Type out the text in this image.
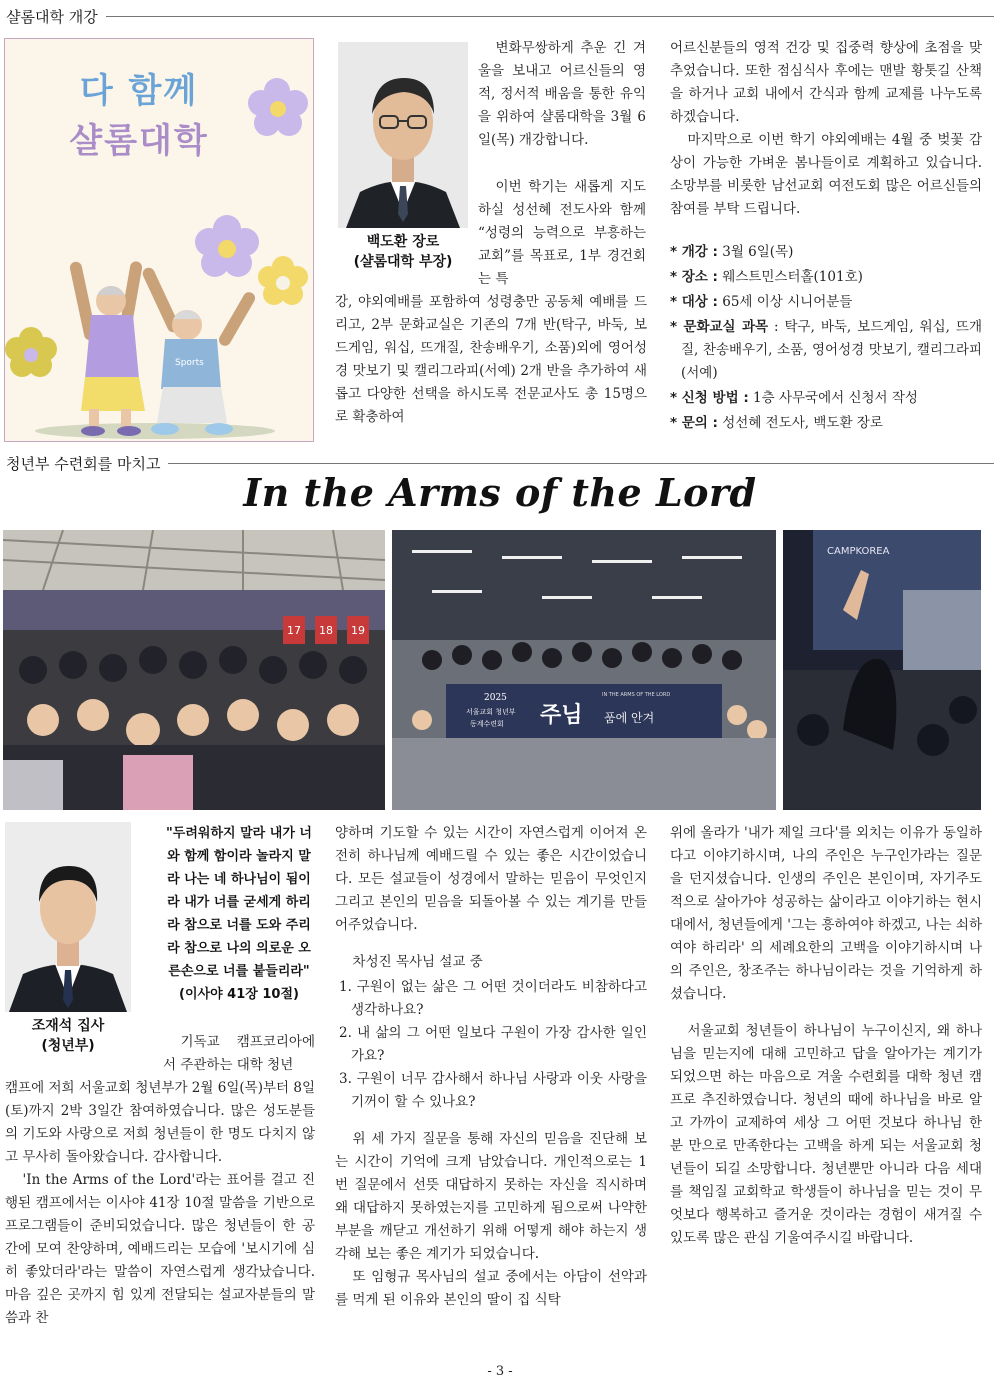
샬롬대학 개강
다 함께
샬롬대학
Sports
백도환 장로
(샬롬대학 부장)

변화무쌍하게 추운 긴 겨울을 보내고 어르신들의 영적, 정서적 배움을 통한 유익을 위하여 샬롬대학을 3월 6일(목) 개강합니다.

이번 학기는 새롭게 지도하실 성선혜 전도사와 함께 “성령의 능력으로 부흥하는 교회”를 목표로, 1부 경건회는 특

강, 야외예배를 포함하여 성령충만 공동체 예배를 드리고, 2부 문화교실은 기존의 7개 반(탁구, 바둑, 보드게임, 워십, 뜨개질, 찬송배우기, 소품)외에 영어성경 맛보기 및 캘리그라피(서예) 2개 반을 추가하여 새롭고 다양한 선택을 하시도록 전문교사도 총 15명으로 확충하여

어르신분들의 영적 건강 및 집중력 향상에 초점을 맞추었습니다. 또한 점심식사 후에는 맨발 황톳길 산책을 하거나 교회 내에서 간식과 함께 교제를 나누도록 하겠습니다.

마지막으로 이번 학기 야외예배는 4월 중 벚꽃 감상이 가능한 가벼운 봄나들이로 계획하고 있습니다. 소망부를 비롯한 남선교회 여전도회 많은 어르신들의 참여를 부탁 드립니다.

* 개강 : 3월 6일(목)
* 장소 : 웨스트민스터홀(101호)
* 대상 : 65세 이상 시니어분들
* 문화교실 과목 : 탁구, 바둑, 보드게임, 워십, 뜨개질, 찬송배우기, 소품, 영어성경 맛보기, 캘리그라피(서예)
* 신청 방법 : 1층 사무국에서 신청서 작성
* 문의 : 성선혜 전도사, 백도환 장로
청년부 수련회를 마치고
In the Arms of the Lord
17 18 19
2025
서울교회 청년부
동계수련회 주님 품에 안겨
IN THE ARMS OF THE LORD
CAMPKOREA
조재석 집사
(청년부)
"두려워하지 말라 내가 너와 함께 함이라 놀라지 말라 나는 네 하나님이 됨이라 내가 너를 굳세게 하리라 참으로 너를 도와 주리라 참으로 나의 의로운 오른손으로 너를 붙들리라"
(이사야 41장 10절)

기독교 캠프코리아에서 주관하는 대학 청년

캠프에 저희 서울교회 청년부가 2월 6일(목)부터 8일(토)까지 2박 3일간 참여하였습니다. 많은 성도분들의 기도와 사랑으로 저희 청년들이 한 명도 다치지 않고 무사히 돌아왔습니다. 감사합니다.

'In the Arms of the Lord'라는 표어를 걸고 진행된 캠프에서는 이사야 41장 10절 말씀을 기반으로 프로그램들이 준비되었습니다. 많은 청년들이 한 공간에 모여 찬양하며, 예배드리는 모습에 '보시기에 심히 좋았더라'라는 말씀이 자연스럽게 생각났습니다. 마음 깊은 곳까지 힘 있게 전달되는 설교자분들의 말씀과 찬

양하며 기도할 수 있는 시간이 자연스럽게 이어져 온전히 하나님께 예배드릴 수 있는 좋은 시간이었습니다. 모든 설교들이 성경에서 말하는 믿음이 무엇인지 그리고 본인의 믿음을 되돌아볼 수 있는 계기를 만들어주었습니다.

차성진 목사님 설교 중

1. 구원이 없는 삶은 그 어떤 것이더라도 비참하다고 생각하나요?
2. 내 삶의 그 어떤 일보다 구원이 가장 감사한 일인가요?
3. 구원이 너무 감사해서 하나님 사랑과 이웃 사랑을 기꺼이 할 수 있나요?

위 세 가지 질문을 통해 자신의 믿음을 진단해 보는 시간이 기억에 크게 남았습니다. 개인적으로는 1번 질문에서 선뜻 대답하지 못하는 자신을 직시하며 왜 대답하지 못하였는지를 고민하게 됨으로써 나약한 부분을 깨닫고 개선하기 위해 어떻게 해야 하는지 생각해 보는 좋은 계기가 되었습니다.

또 임형규 목사님의 설교 중에서는 아담이 선악과를 먹게 된 이유와 본인의 딸이 집 식탁

위에 올라가 '내가 제일 크다'를 외치는 이유가 동일하다고 이야기하시며, 나의 주인은 누구인가라는 질문을 던지셨습니다. 인생의 주인은 본인이며, 자기주도적으로 살아가야 성공하는 삶이라고 이야기하는 현시대에서, 청년들에게 '그는 흥하여야 하겠고, 나는 쇠하여야 하리라' 의 세례요한의 고백을 이야기하시며 나의 주인은, 창조주는 하나님이라는 것을 기억하게 하셨습니다.

서울교회 청년들이 하나님이 누구이신지, 왜 하나님을 믿는지에 대해 고민하고 답을 알아가는 계기가 되었으면 하는 마음으로 겨울 수련회를 대학 청년 캠프로 추진하였습니다. 청년의 때에 하나님을 바로 알고 가까이 교제하여 세상 그 어떤 것보다 하나님 한 분 만으로 만족한다는 고백을 하게 되는 서울교회 청년들이 되길 소망합니다. 청년뿐만 아니라 다음 세대를 책임질 교회학교 학생들이 하나님을 믿는 것이 무엇보다 행복하고 즐거운 것이라는 경험이 새겨질 수 있도록 많은 관심 기울여주시길 바랍니다.

- 3 -
